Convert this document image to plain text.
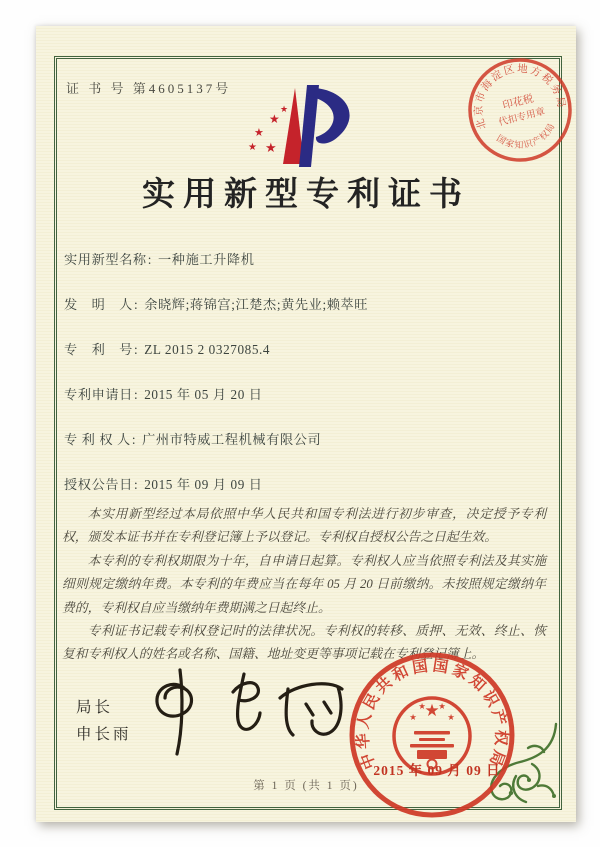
证 书 号 第4605137号
★
★
★
★ ★
实用新型专利证书
实用新型名称: 一种施工升降机
发　明　人: 余晓辉;蒋锦宫;江楚杰;黄先业;赖萃旺
专　利　号: ZL 2015 2 0327085.4
专利申请日: 2015 年 05 月 20 日
专 利 权 人: 广州市特威工程机械有限公司
授权公告日: 2015 年 09 月 09 日

本实用新型经过本局依照中华人民共和国专利法进行初步审查，决定授予专利权，颁发本证书并在专利登记簿上予以登记。专利权自授权公告之日起生效。

本专利的专利权期限为十年，自申请日起算。专利权人应当依照专利法及其实施细则规定缴纳年费。本专利的年费应当在每年 05 月 20 日前缴纳。未按照规定缴纳年费的，专利权自应当缴纳年费期满之日起终止。

专利证书记载专利权登记时的法律状况。专利权的转移、质押、无效、终止、恢复和专利权人的姓名或名称、国籍、地址变更等事项记载在专利登记簿上。

局长
申长雨
中华人民共和国国家知识产权局
★
★
★ ★
★
2015 年 09 月 09 日
北京市海淀区地方税务局
国家知识产权局
印花税
代扣专用章
第 1 页 (共 1 页)
